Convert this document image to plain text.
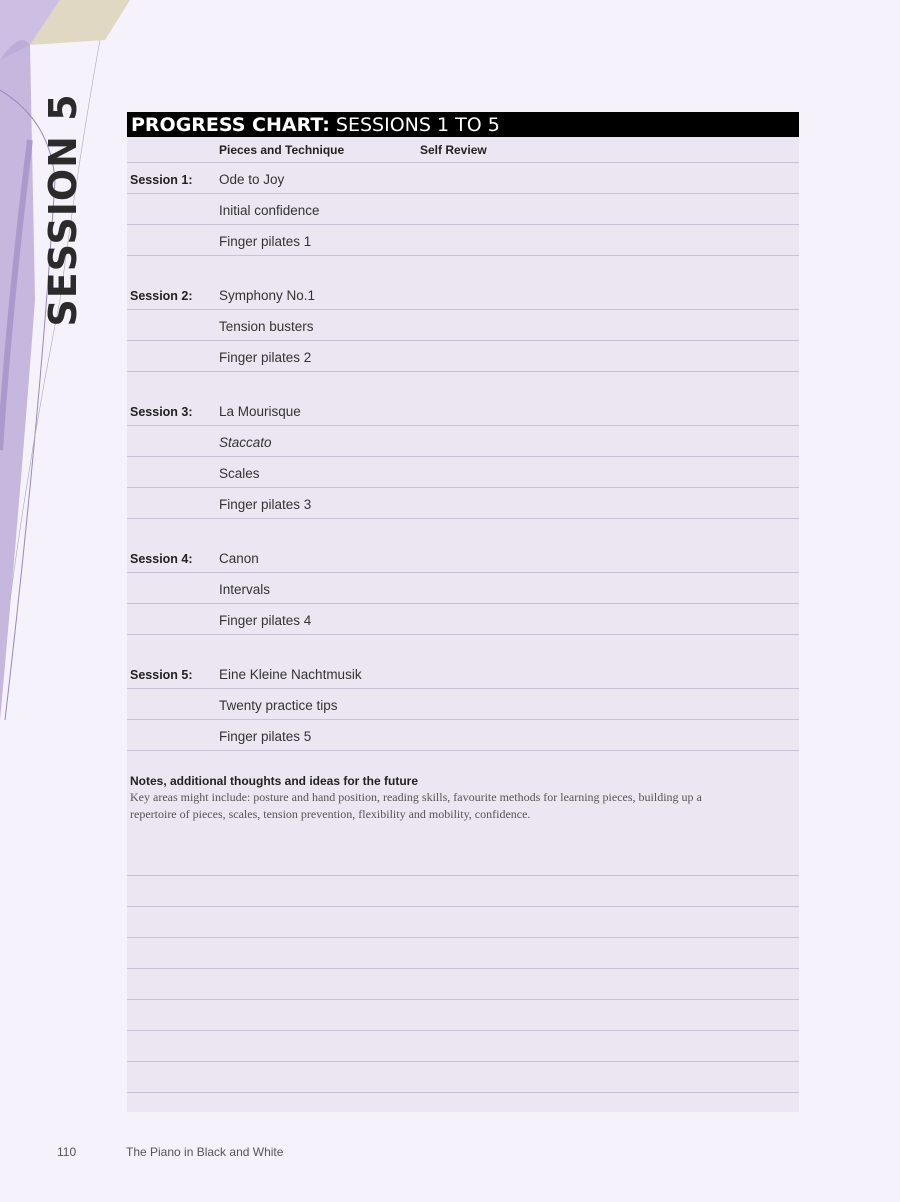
SESSION 5 PROGRESS CHART: SESSIONS 1 TO 5
Pieces and Technique	Self Review
Session 1: Ode to Joy
Initial confidence
Finger pilates 1
Session 2: Symphony No.1
Tension busters
Finger pilates 2
Session 3: La Mourisque
Staccato
Scales
Finger pilates 3
Session 4: Canon
Intervals
Finger pilates 4
Session 5: Eine Kleine Nachtmusik
Twenty practice tips
Finger pilates 5
Notes, additional thoughts and ideas for the future
Key areas might include: posture and hand position, reading skills, favourite methods for learning pieces, building up a repertoire of pieces, scales, tension prevention, flexibility and mobility, confidence.
110	The Piano in Black and White
